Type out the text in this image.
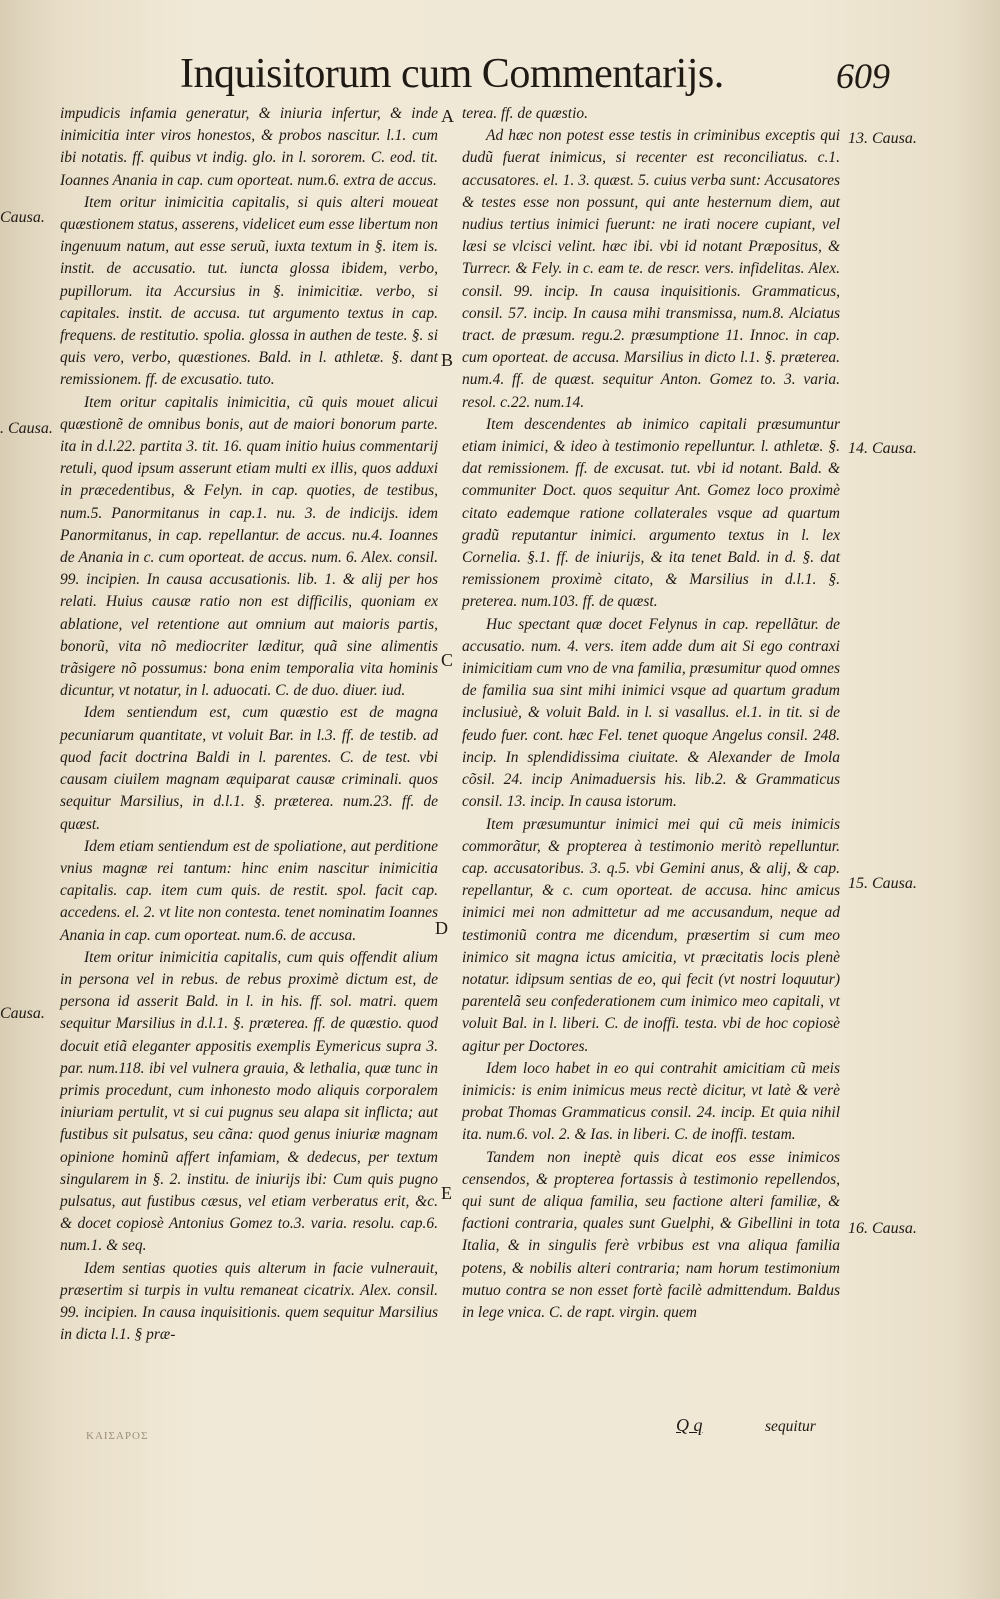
Inquisitorum cum Commentarijs.	609

impudicis infamia generatur, & iniuria infertur, & inde inimicitia inter viros honestos, & probos nascitur. l.1. cum ibi notatis. ff. quibus vt indig. glo. in l. sororem. C. eod. tit. Ioannes Anania in cap. cum oporteat. num.6. extra de accus.

Item oritur inimicitia capitalis, si quis alteri moueat quæstionem status, asserens, videlicet eum esse libertum non ingenuum natum, aut esse seruũ, iuxta textum in §. item is. instit. de accusatio. tut. iuncta glossa ibidem, verbo, pupillorum. ita Accursius in §. inimicitiæ. verbo, si capitales. instit. de accusa. tut argumento textus in cap. frequens. de restitutio. spolia. glossa in authen de teste. §. si quis vero, verbo, quæstiones. Bald. in l. athletæ. §. dant remissionem. ff. de excusatio. tuto.

Item oritur capitalis inimicitia, cũ quis mouet alicui quæstionẽ de omnibus bonis, aut de maiori bonorum parte. ita in d.l.22. partita 3. tit. 16. quam initio huius commentarij retuli, quod ipsum asserunt etiam multi ex illis, quos adduxi in præcedentibus, & Felyn. in cap. quoties, de testibus, num.5. Panormitanus in cap.1. nu. 3. de indicijs. idem Panormitanus, in cap. repellantur. de accus. nu.4. Ioannes de Anania in c. cum oporteat. de accus. num. 6. Alex. consil. 99. incipien. In causa accusationis. lib. 1. & alij per hos relati. Huius causæ ratio non est difficilis, quoniam ex ablatione, vel retentione aut omnium aut maioris partis, bonorũ, vita nõ mediocriter læditur, quã sine alimentis trãsigere nõ possumus: bona enim temporalia vita hominis dicuntur, vt notatur, in l. aduocati. C. de duo. diuer. iud.

Idem sentiendum est, cum quæstio est de magna pecuniarum quantitate, vt voluit Bar. in l.3. ff. de testib. ad quod facit doctrina Baldi in l. parentes. C. de test. vbi causam ciuilem magnam æquiparat causæ criminali. quos sequitur Marsilius, in d.l.1. §. præterea. num.23. ff. de quæst.

Idem etiam sentiendum est de spoliatione, aut perditione vnius magnæ rei tantum: hinc enim nascitur inimicitia capitalis. cap. item cum quis. de restit. spol. facit cap. accedens. el. 2. vt lite non contesta. tenet nominatim Ioannes Anania in cap. cum oporteat. num.6. de accusa.

Item oritur inimicitia capitalis, cum quis offendit alium in persona vel in rebus. de rebus proximè dictum est, de persona id asserit Bald. in l. in his. ff. sol. matri. quem sequitur Marsilius in d.l.1. §. præterea. ff. de quæstio. quod docuit etiã eleganter appositis exemplis Eymericus supra 3. par. num.118. ibi vel vulnera grauia, & lethalia, quæ tunc in primis procedunt, cum inhonesto modo aliquis corporalem iniuriam pertulit, vt si cui pugnus seu alapa sit inflicta; aut fustibus sit pulsatus, seu cãna: quod genus iniuriæ magnam opinione hominũ affert infamiam, & dedecus, per textum singularem in §. 2. institu. de iniurijs ibi: Cum quis pugno pulsatus, aut fustibus cæsus, vel etiam verberatus erit, &c. & docet copiosè Antonius Gomez to.3. varia. resolu. cap.6. num.1. & seq.

Idem sentias quoties quis alterum in facie vulnerauit, præsertim si turpis in vultu remaneat cicatrix. Alex. consil. 99. incipien. In causa inquisitionis. quem sequitur Marsilius in dicta l.1. § præ-

terea. ff. de quæstio.

Ad hæc non potest esse testis in criminibus exceptis qui dudũ fuerat inimicus, si recenter est reconciliatus. c.1. accusatores. el. 1. 3. quæst. 5. cuius verba sunt: Accusatores & testes esse non possunt, qui ante hesternum diem, aut nudius tertius inimici fuerunt: ne irati nocere cupiant, vel læsi se vlcisci velint. hæc ibi. vbi id notant Præpositus, & Turrecr. & Fely. in c. eam te. de rescr. vers. infidelitas. Alex. consil. 99. incip. In causa inquisitionis. Grammaticus, consil. 57. incip. In causa mihi transmissa, num.8. Alciatus tract. de præsum. regu.2. præsumptione 11. Innoc. in cap. cum oporteat. de accusa. Marsilius in dicto l.1. §. præterea. num.4. ff. de quæst. sequitur Anton. Gomez to. 3. varia. resol. c.22. num.14.

Item descendentes ab inimico capitali præsumuntur etiam inimici, & ideo à testimonio repelluntur. l. athletæ. §. dat remissionem. ff. de excusat. tut. vbi id notant. Bald. & communiter Doct. quos sequitur Ant. Gomez loco proximè citato eademque ratione collaterales vsque ad quartum gradũ reputantur inimici. argumento textus in l. lex Cornelia. §.1. ff. de iniurijs, & ita tenet Bald. in d. §. dat remissionem proximè citato, & Marsilius in d.l.1. §. preterea. num.103. ff. de quæst.

Huc spectant quæ docet Felynus in cap. repellãtur. de accusatio. num. 4. vers. item adde dum ait Si ego contraxi inimicitiam cum vno de vna familia, præsumitur quod omnes de familia sua sint mihi inimici vsque ad quartum gradum inclusiuè, & voluit Bald. in l. si vasallus. el.1. in tit. si de feudo fuer. cont. hæc Fel. tenet quoque Angelus consil. 248. incip. In splendidissima ciuitate. & Alexander de Imola cõsil. 24. incip Animaduersis his. lib.2. & Grammaticus consil. 13. incip. In causa istorum.

Item præsumuntur inimici mei qui cũ meis inimicis commorãtur, & propterea à testimonio meritò repelluntur. cap. accusatoribus. 3. q.5. vbi Gemini anus, & alij, & cap. repellantur, & c. cum oporteat. de accusa. hinc amicus inimici mei non admittetur ad me accusandum, neque ad testimoniũ contra me dicendum, præsertim si cum meo inimico sit magna ictus amicitia, vt præcitatis locis plenè notatur. idipsum sentias de eo, qui fecit (vt nostri loquutur) parentelã seu confederationem cum inimico meo capitali, vt voluit Bal. in l. liberi. C. de inoffi. testa. vbi de hoc copiosè agitur per Doctores.

Idem loco habet in eo qui contrahit amicitiam cũ meis inimicis: is enim inimicus meus rectè dicitur, vt latè & verè probat Thomas Grammaticus consil. 24. incip. Et quia nihil ita. num.6. vol. 2. & Ias. in liberi. C. de inoffi. testam.

Tandem non ineptè quis dicat eos esse inimicos censendos, & propterea fortassis à testimonio repellendos, qui sunt de aliqua familia, seu factione alteri familiæ, & factioni contraria, quales sunt Guelphi, & Gibellini in tota Italia, & in singulis ferè vrbibus est vna aliqua familia potens, & nobilis alteri contraria; nam horum testimonium mutuo contra se non esset fortè facilè admittendum. Baldus in lege vnica. C. de rapt. virgin. quem

A
B
C
D
E
Causa.
. Causa.
Causa.
13. Causa.
14. Causa.
15. Causa.
16. Causa.
Q q	sequitur
ΚΑΙΣΑΡΟΣ
